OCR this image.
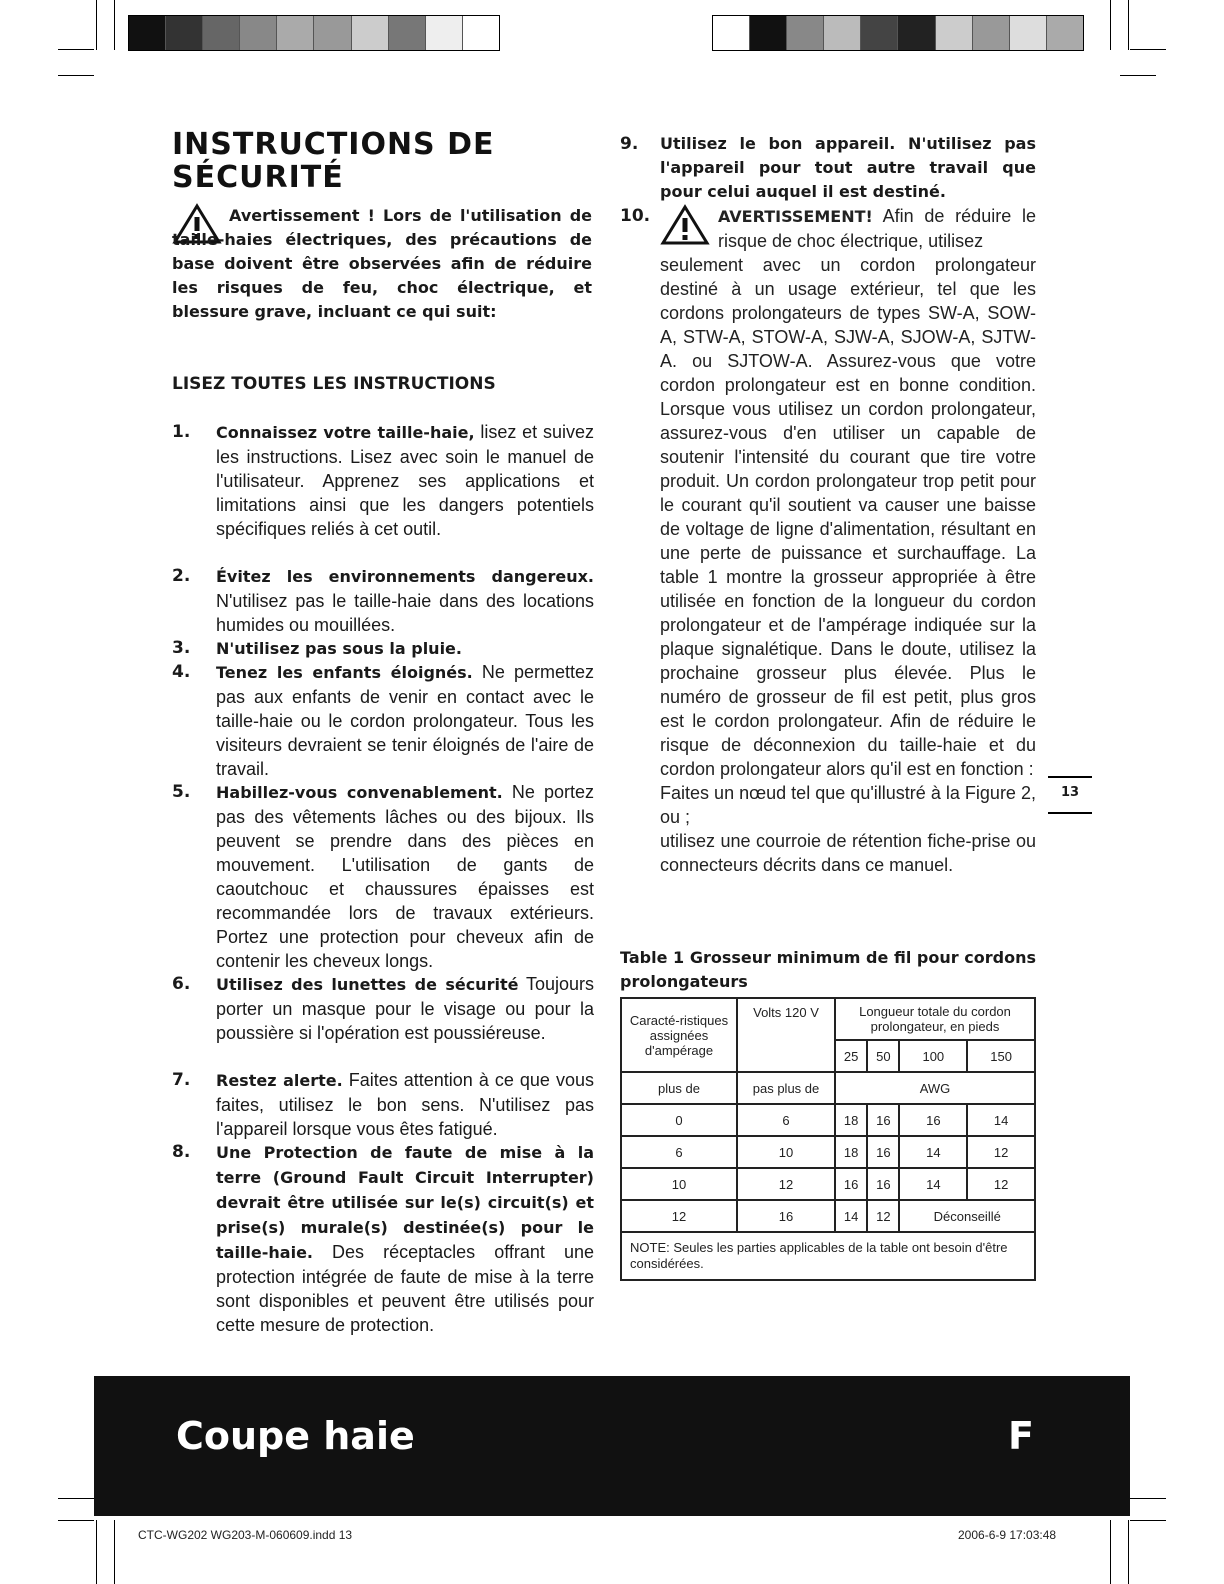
INSTRUCTIONS DE
SÉCURITÉ
Avertissement ! Lors de l'utilisation de taille-haies électriques, des précautions de base doivent être observées afin de réduire les risques de feu, choc électrique, et blessure grave, incluant ce qui suit:
LISEZ TOUTES LES INSTRUCTIONS
1. Connaissez votre taille-haie, lisez et suivez les instructions. Lisez avec soin le manuel de l'utilisateur. Apprenez ses applications et limitations ainsi que les dangers potentiels spécifiques reliés à cet outil.
2. Évitez les environnements dangereux. N'utilisez pas le taille-haie dans des locations humides ou mouillées.
3. N'utilisez pas sous la pluie.
4. Tenez les enfants éloignés. Ne permettez pas aux enfants de venir en contact avec le taille-haie ou le cordon prolongateur. Tous les visiteurs devraient se tenir éloignés de l'aire de travail.
5. Habillez-vous convenablement. Ne portez pas des vêtements lâches ou des bijoux. Ils peuvent se prendre dans des pièces en mouvement. L'utilisation de gants de caoutchouc et chaussures épaisses est recommandée lors de travaux extérieurs. Portez une protection pour cheveux afin de contenir les cheveux longs.
6. Utilisez des lunettes de sécurité Toujours porter un masque pour le visage ou pour la poussière si l'opération est poussiéreuse.
7. Restez alerte. Faites attention à ce que vous faites, utilisez le bon sens. N'utilisez pas l'appareil lorsque vous êtes fatigué.
8. Une Protection de faute de mise à la terre (Ground Fault Circuit Interrupter) devrait être utilisée sur le(s) circuit(s) et prise(s) murale(s) destinée(s) pour le taille-haie. Des réceptacles offrant une protection intégrée de faute de mise à la terre sont disponibles et peuvent être utilisés pour cette mesure de protection.
9. Utilisez le bon appareil. N'utilisez pas l'appareil pour tout autre travail que pour celui auquel il est destiné.
10.	AVERTISSEMENT! Afin de réduire le risque de choc électrique, utilisez
seulement avec un cordon prolongateur destiné à un usage extérieur, tel que les cordons prolongateurs de types SW-A, SOW-A, STW-A, STOW-A, SJW-A, SJOW-A, SJTW-A. ou SJTOW-A. Assurez-vous que votre cordon prolongateur est en bonne condition. Lorsque vous utilisez un cordon prolongateur, assurez-vous d'en utiliser un capable de soutenir l'intensité du courant que tire votre produit. Un cordon prolongateur trop petit pour le courant qu'il soutient va causer une baisse de voltage de ligne d'alimentation, résultant en une perte de puissance et surchauffage. La table 1 montre la grosseur appropriée à être utilisée en fonction de la longueur du cordon prolongateur et de l'ampérage indiquée sur la plaque signalétique. Dans le doute, utilisez la prochaine grosseur plus élevée. Plus le numéro de grosseur de fil est petit, plus gros est le cordon prolongateur. Afin de réduire le risque de déconnexion du taille-haie et du cordon prolongateur alors qu'il est en fonction :
Faites un nœud tel que qu'illustré à la Figure 2, ou ;
utilisez une courroie de rétention fiche-prise ou connecteurs décrits dans ce manuel.
Table 1 Grosseur minimum de fil pour cordons prolongateurs
Caracté-ristiques assignées d'ampérage	Volts 120 V	Longueur totale du cordon prolongateur, en pieds			
		25	50	100	150
plus de	pas plus de	AWG			
0	6	18	16	16	14
6	10	18	16	14	12
10	12	16	16	14	12
12	16	14	12	Déconseillé	
NOTE: Seules les parties applicables de la table ont besoin d'être considérées.					
13
Coupe haie	F
CTC-WG202 WG203-M-060609.indd 13	2006-6-9 17:03:48
